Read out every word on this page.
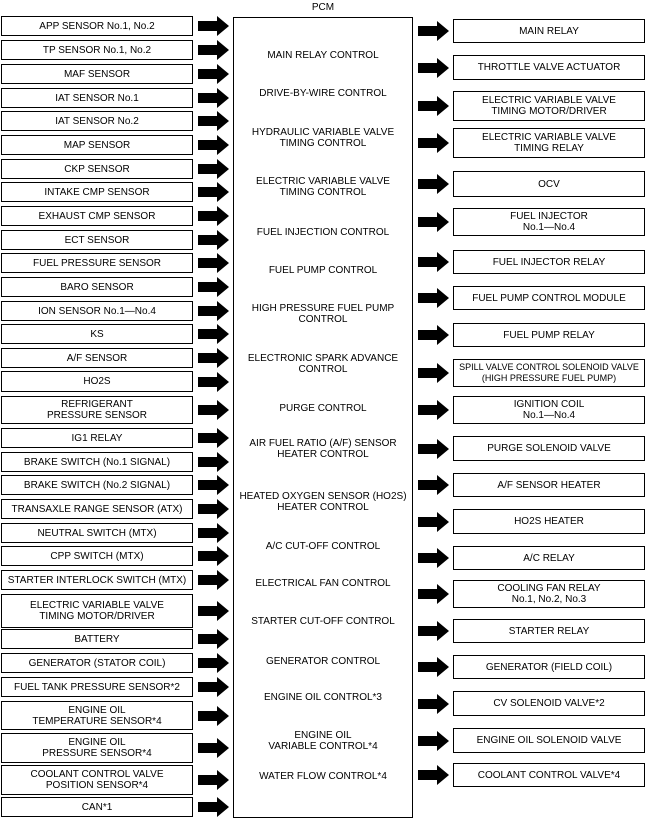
PCM
APP SENSOR No.1, No.2
TP SENSOR No.1, No.2
MAF SENSOR
IAT SENSOR No.1
IAT SENSOR No.2
MAP SENSOR
CKP SENSOR
INTAKE CMP SENSOR
EXHAUST CMP SENSOR
ECT SENSOR
FUEL PRESSURE SENSOR
BARO SENSOR
ION SENSOR No.1—No.4
KS
A/F SENSOR
HO2S
REFRIGERANT
PRESSURE SENSOR
IG1 RELAY
BRAKE SWITCH (No.1 SIGNAL)
BRAKE SWITCH (No.2 SIGNAL)
TRANSAXLE RANGE SENSOR (ATX)
NEUTRAL SWITCH (MTX)
CPP SWITCH (MTX)
STARTER INTERLOCK SWITCH (MTX)
ELECTRIC VARIABLE VALVE
TIMING MOTOR/DRIVER
BATTERY
GENERATOR (STATOR COIL)
FUEL TANK PRESSURE SENSOR*2
ENGINE OIL
TEMPERATURE SENSOR*4
ENGINE OIL
PRESSURE SENSOR*4
COOLANT CONTROL VALVE
POSITION SENSOR*4
CAN*1
MAIN RELAY CONTROL
DRIVE-BY-WIRE CONTROL
HYDRAULIC VARIABLE VALVE
TIMING CONTROL
ELECTRIC VARIABLE VALVE
TIMING CONTROL
FUEL INJECTION CONTROL
FUEL PUMP CONTROL
HIGH PRESSURE FUEL PUMP
CONTROL
ELECTRONIC SPARK ADVANCE
CONTROL
PURGE CONTROL
AIR FUEL RATIO (A/F) SENSOR
HEATER CONTROL
HEATED OXYGEN SENSOR (HO2S)
HEATER CONTROL
A/C CUT-OFF CONTROL
ELECTRICAL FAN CONTROL
STARTER CUT-OFF CONTROL
GENERATOR CONTROL
ENGINE OIL CONTROL*3
ENGINE OIL
VARIABLE CONTROL*4
WATER FLOW CONTROL*4
MAIN RELAY
THROTTLE VALVE ACTUATOR
ELECTRIC VARIABLE VALVE
TIMING MOTOR/DRIVER
ELECTRIC VARIABLE VALVE
TIMING RELAY
OCV
FUEL INJECTOR
No.1—No.4
FUEL INJECTOR RELAY
FUEL PUMP CONTROL MODULE
FUEL PUMP RELAY
SPILL VALVE CONTROL SOLENOID VALVE
(HIGH PRESSURE FUEL PUMP)
IGNITION COIL
No.1—No.4
PURGE SOLENOID VALVE
A/F SENSOR HEATER
HO2S HEATER
A/C RELAY
COOLING FAN RELAY
No.1, No.2, No.3
STARTER RELAY
GENERATOR (FIELD COIL)
CV SOLENOID VALVE*2
ENGINE OIL SOLENOID VALVE
COOLANT CONTROL VALVE*4
